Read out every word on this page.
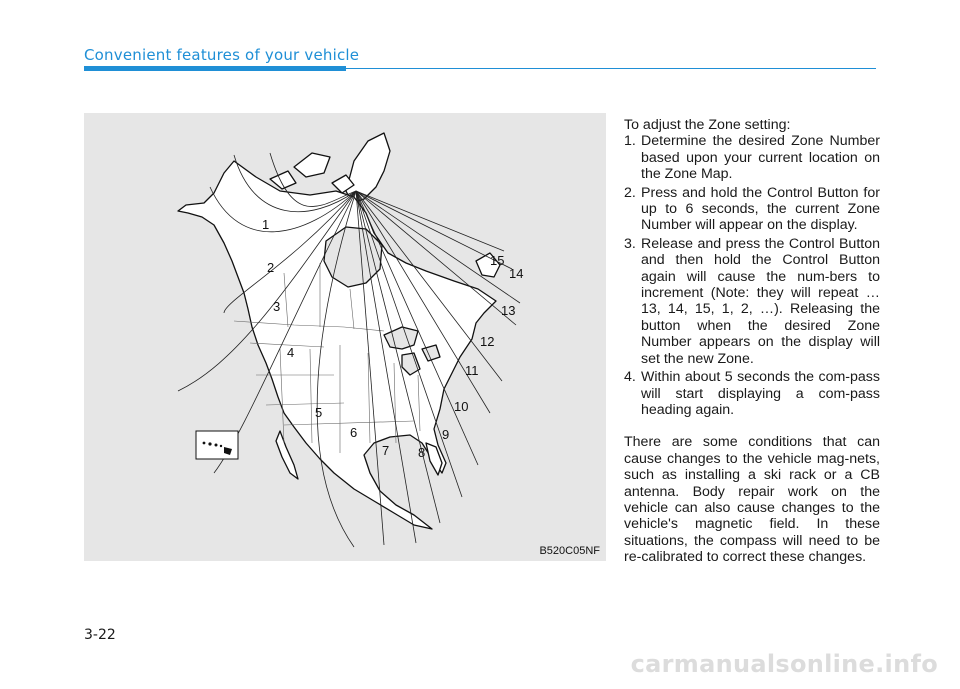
Convenient features of your vehicle
1
2
3
4
5
6
7 8
9
10
11
12
13
14
15
B520C05NF

To adjust the Zone setting:

1. Determine the desired Zone Number based upon your current location on the Zone Map.
2. Press and hold the Control Button for up to 6 seconds, the current Zone Number will appear on the display.
3. Release and press the Control Button and then hold the Control Button again will cause the num-bers to increment (Note: they will repeat …13, 14, 15, 1, 2, …). Releasing the button when the desired Zone Number appears on the display will set the new Zone.
4. Within about 5 seconds the com-pass will start displaying a com-pass heading again.

There are some conditions that can cause changes to the vehicle mag-nets, such as installing a ski rack or a CB antenna. Body repair work on the vehicle can also cause changes to the vehicle's magnetic field. In these situations, the compass will need to be re-calibrated to correct these changes.

3-22
carmanualsonline.info
